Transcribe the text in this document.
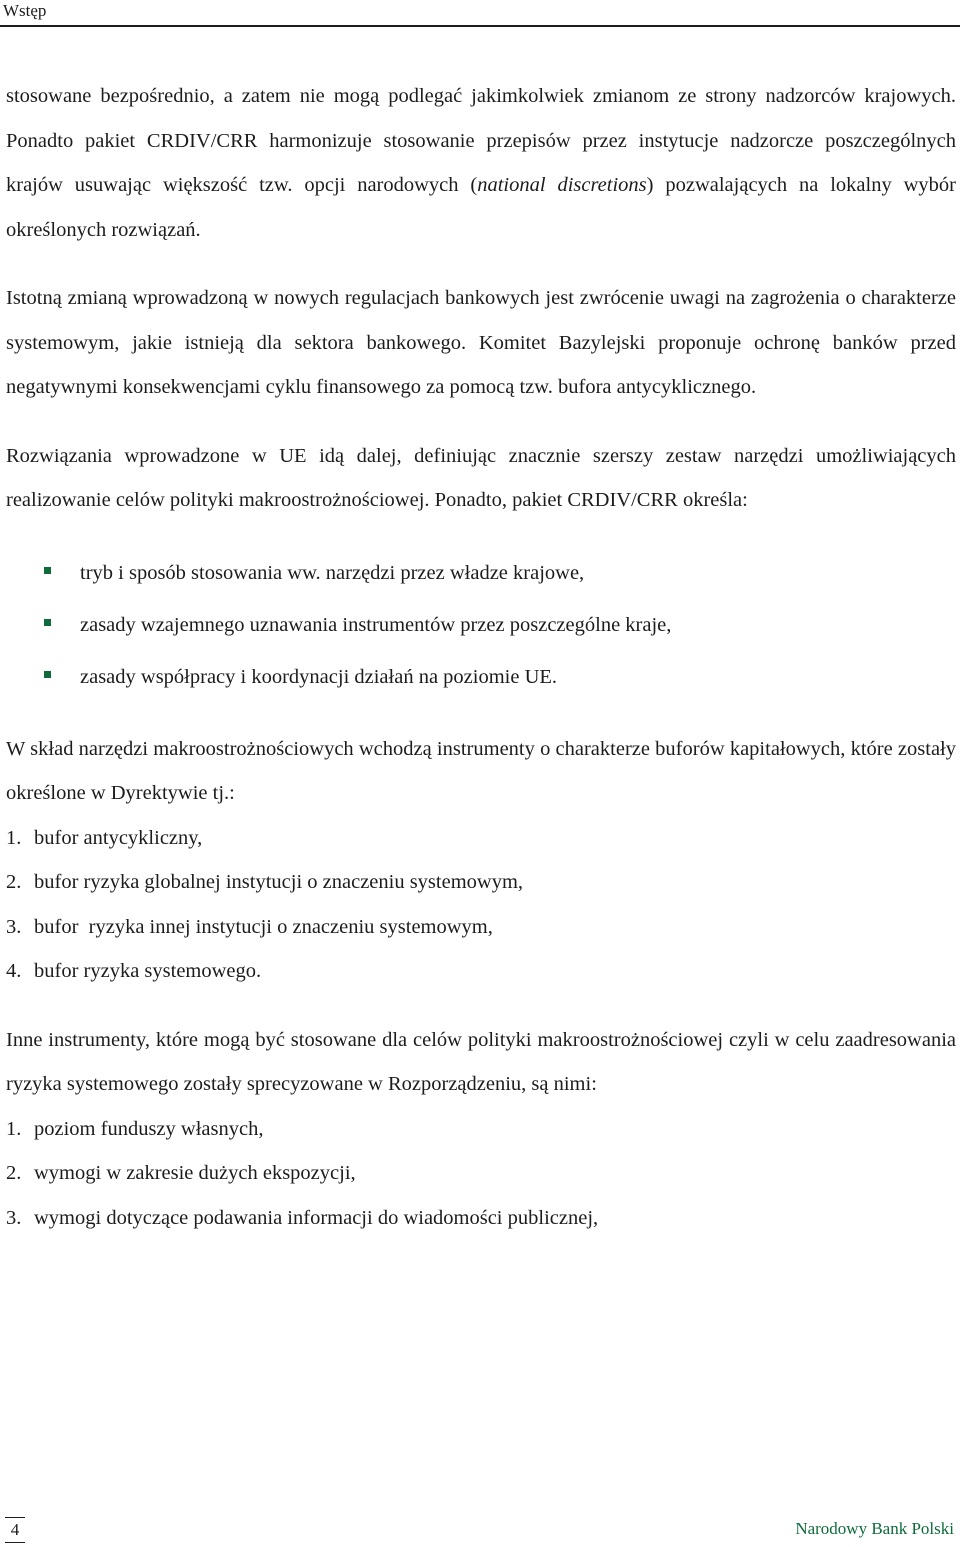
Wstęp

stosowane bezpośrednio, a zatem nie mogą podlegać jakimkolwiek zmianom ze strony nadzorców krajowych. Ponadto pakiet CRDIV/CRR harmonizuje stosowanie przepisów przez instytucje nadzorcze poszczególnych krajów usuwając większość tzw. opcji narodowych (national discretions) pozwalających na lokalny wybór określonych rozwiązań.

Istotną zmianą wprowadzoną w nowych regulacjach bankowych jest zwrócenie uwagi na zagrożenia o charakterze systemowym, jakie istnieją dla sektora bankowego. Komitet Bazylejski proponuje ochronę banków przed negatywnymi konsekwencjami cyklu finansowego za pomocą tzw. bufora antycyklicznego.

Rozwiązania wprowadzone w UE idą dalej, definiując znacznie szerszy zestaw narzędzi umożliwiających realizowanie celów polityki makroostrożnościowej. Ponadto, pakiet CRDIV/CRR określa:

tryb i sposób stosowania ww. narzędzi przez władze krajowe,
zasady wzajemnego uznawania instrumentów przez poszczególne kraje,
zasady współpracy i koordynacji działań na poziomie UE.

W skład narzędzi makroostrożnościowych wchodzą instrumenty o charakterze buforów kapitałowych, które zostały określone w Dyrektywie tj.:

1. bufor antycykliczny,
2. bufor ryzyka globalnej instytucji o znaczeniu systemowym,
3. bufor  ryzyka innej instytucji o znaczeniu systemowym,
4. bufor ryzyka systemowego.

Inne instrumenty, które mogą być stosowane dla celów polityki makroostrożnościowej czyli w celu zaadresowania ryzyka systemowego zostały sprecyzowane w Rozporządzeniu, są nimi:

1. poziom funduszy własnych,
2. wymogi w zakresie dużych ekspozycji,
3. wymogi dotyczące podawania informacji do wiadomości publicznej,
4	Narodowy Bank Polski
